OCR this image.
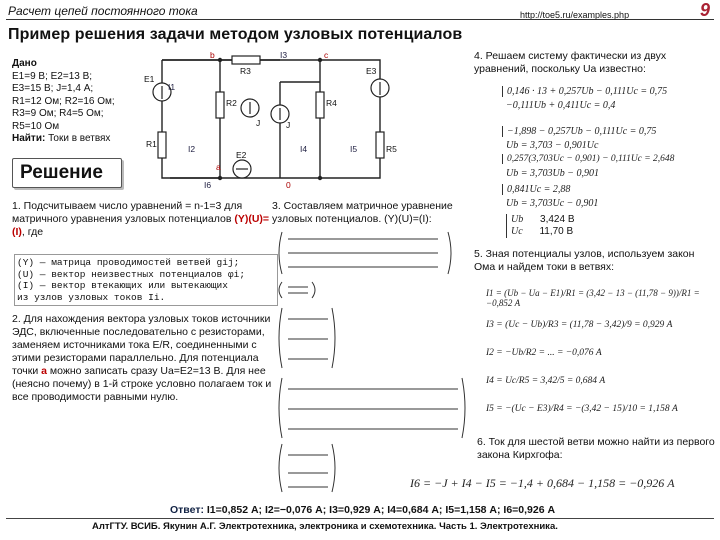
Расчет цепей постоянного тока	http://toe5.ru/examples.php	9
Пример решения задачи методом узловых потенциалов
Дано
E1=9 В; E2=13 В;
E3=15 В; J=1,4 А;
R1=12 Ом; R2=16 Ом;
R3=9 Ом; R4=5 Ом;
R5=10 Ом
Найти: Токи в ветвях
E1
I1
R2
R1
b	I3
R3
c
E3
R4
I2
J
I4
E2
I5	R5
a
I6	0
J
Решение
1. Подсчитываем число уравнений = n-1=3 для матричного уравнения узловых потенциалов (Y)(U)=(I), где
(Y) — матрица проводимостей ветвей gij;
(U) — вектор неизвестных потенциалов φi;
(I) — вектор втекающих или вытекающих
из узлов узловых токов Ii.
2. Для нахождения вектора узловых токов источники ЭДС, включенные последовательно с резисторами, заменяем источниками тока E/R, соединенными с этими резисторами параллельно. Для потенциала точки a можно записать сразу Ua=E2=13 В. Для нее (неясно почему) в 1-й строке условно полагаем ток и все проводимости равными нулю.
3. Составляем матричное уравнение узловых потенциалов. (Y)(U)=(I):
4. Решаем систему фактически из двух уравнений, поскольку Ua известно:
0,146 · 13 + 0,257Ub − 0,111Uc = 0,75
−0,111Ub + 0,411Uc = 0,4
−1,898 − 0,257Ub − 0,111Uc = 0,75
Ub = 3,703 − 0,901Uc
0,257(3,703Uc − 0,901) − 0,111Uc = 2,648
Ub = 3,703Ub − 0,901
0,841Uc = 2,88
Ub = 3,703Uc − 0,901
Ub 3,424 В
Uc 11,70 В
5. Зная потенциалы узлов, используем закон Ома и найдем токи в ветвях:
I1 = (Ub − Ua − E1)/R1 = (3,42 − 13 − (11,78 − 9))/R1 = −0,852 А
I3 = (Uc − Ub)/R3 = (11,78 − 3,42)/9 = 0,929 А
I2 = −Ub/R2 = ... = −0,076 А
I4 = Uc/R5 = 3,42/5 = 0,684 А
I5 = −(Uc − E3)/R4 = −(3,42 − 15)/10 = 1,158 А
6. Ток для шестой ветви можно найти из первого закона Кирхгофа:
I6 = −J + I4 − I5 = −1,4 + 0,684 − 1,158 = −0,926 А
Ответ: I1=0,852 А; I2=−0,076 А; I3=0,929 А; I4=0,684 А; I5=1,158 А; I6=0,926 А
АлтГТУ. ВСИБ. Якунин А.Г. Электротехника, электроника и схемотехника. Часть 1. Электротехника.
